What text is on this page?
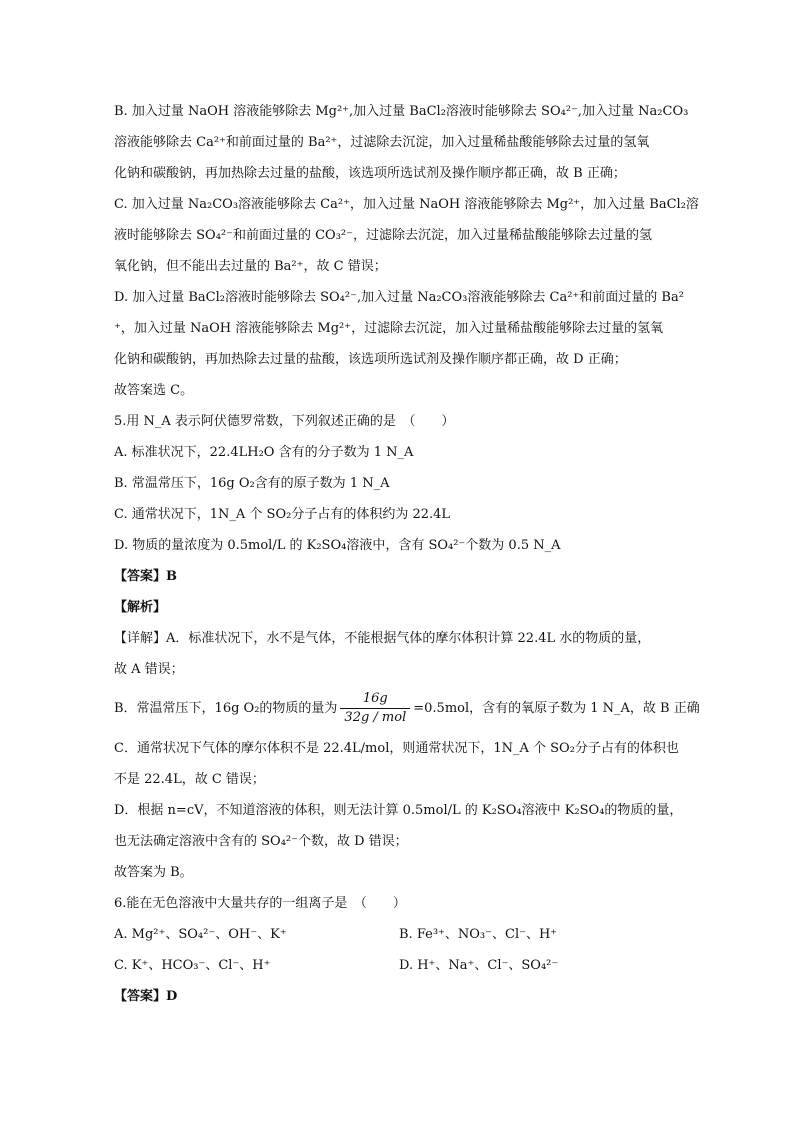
B. 加入过量 NaOH 溶液能够除去 Mg²⁺,加入过量 BaCl₂溶液时能够除去 SO₄²⁻,加入过量 Na₂CO₃
溶液能够除去 Ca²⁺和前面过量的 Ba²⁺，过滤除去沉淀，加入过量稀盐酸能够除去过量的氢氧
化钠和碳酸钠，再加热除去过量的盐酸，该选项所选试剂及操作顺序都正确，故 B 正确；
C. 加入过量 Na₂CO₃溶液能够除去 Ca²⁺，加入过量 NaOH 溶液能够除去 Mg²⁺，加入过量 BaCl₂溶
液时能够除去 SO₄²⁻和前面过量的 CO₃²⁻，过滤除去沉淀，加入过量稀盐酸能够除去过量的氢
氧化钠，但不能出去过量的 Ba²⁺，故 C 错误；
D. 加入过量 BaCl₂溶液时能够除去 SO₄²⁻,加入过量 Na₂CO₃溶液能够除去 Ca²⁺和前面过量的 Ba²
⁺，加入过量 NaOH 溶液能够除去 Mg²⁺，过滤除去沉淀，加入过量稀盐酸能够除去过量的氢氧
化钠和碳酸钠，再加热除去过量的盐酸，该选项所选试剂及操作顺序都正确，故 D 正确；
故答案选 C。
5.用 N_A 表示阿伏德罗常数，下列叙述正确的是　（　　）
A. 标准状况下，22.4LH₂O 含有的分子数为 1 N_A
B. 常温常压下，16g O₂含有的原子数为 1 N_A
C. 通常状况下，1N_A 个 SO₂分子占有的体积约为 22.4L
D. 物质的量浓度为 0.5mol/L 的 K₂SO₄溶液中，含有 SO₄²⁻个数为 0.5 N_A
【答案】B
【解析】
【详解】A．标准状况下，水不是气体，不能根据气体的摩尔体积计算 22.4L 水的物质的量，
故 A 错误；
B．常温常压下，16g O₂的物质的量为 $\frac{16g}{\text{32g / mol}} =0.5mol$，含有的氧原子数为 1 N_A，故 B 正确
C．通常状况下气体的摩尔体积不是 22.4L/mol，则通常状况下，1N_A 个 SO₂分子占有的体积也
不是 22.4L，故 C 错误；
D．根据 n=cV，不知道溶液的体积，则无法计算 0.5mol/L 的 K₂SO₄溶液中 K₂SO₄的物质的量，
也无法确定溶液中含有的 SO₄²⁻个数，故 D 错误；
故答案为 B。
6.能在无色溶液中大量共存的一组离子是　（　　）
A. Mg²⁺、SO₄²⁻、OH⁻、K⁺	B. Fe³⁺、NO₃⁻、Cl⁻、H⁺
C. K⁺、HCO₃⁻、Cl⁻、H⁺	D. H⁺、Na⁺、Cl⁻、SO₄²⁻
【答案】D
